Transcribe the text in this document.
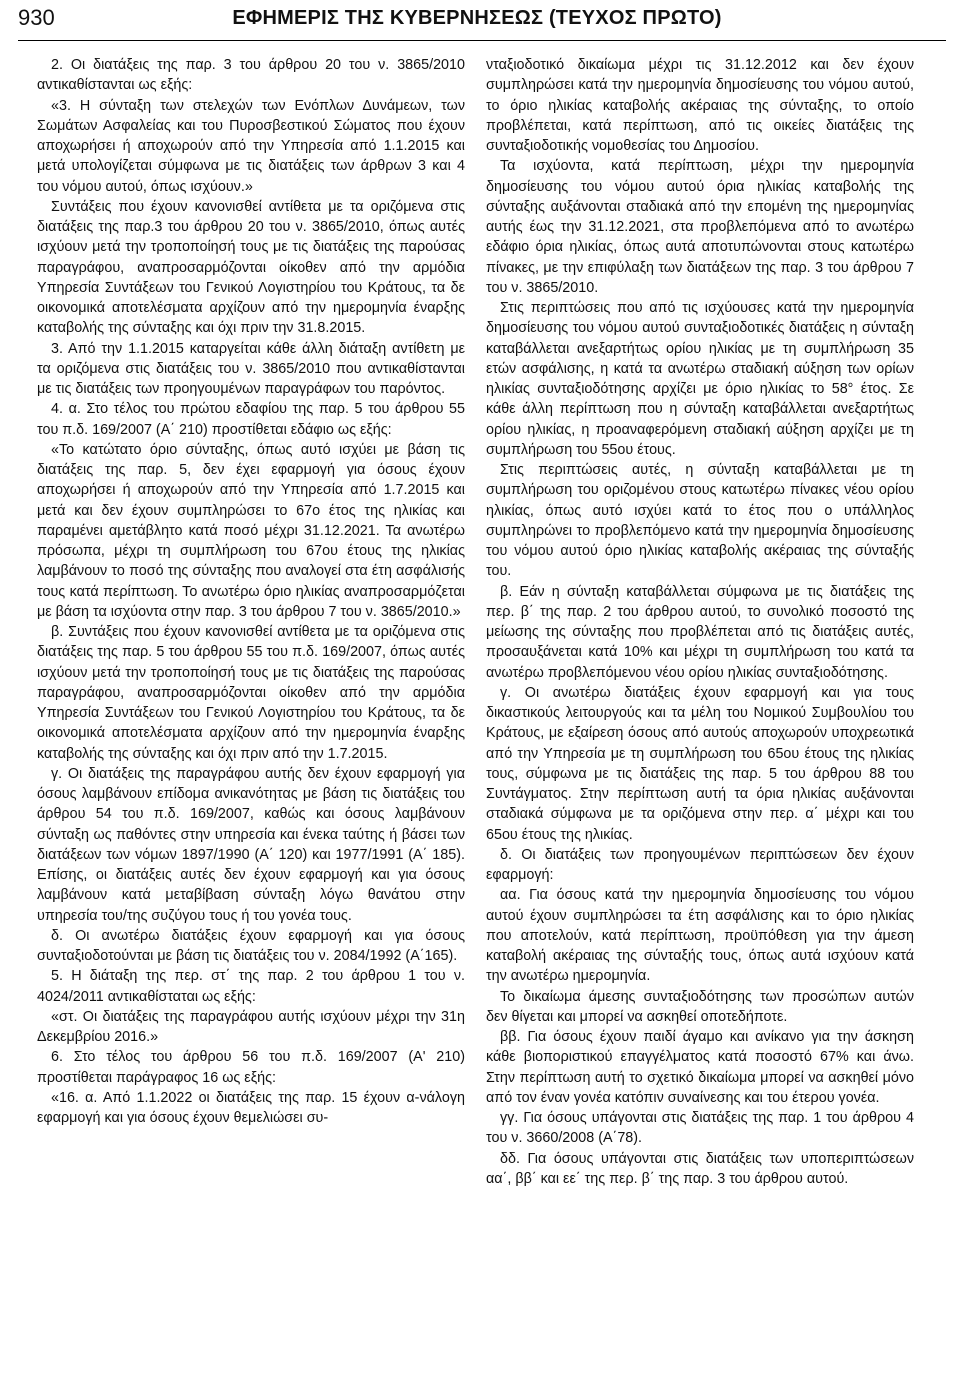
930	ΕΦΗΜΕΡΙΣ ΤΗΣ ΚΥΒΕΡΝΗΣΕΩΣ (ΤΕΥΧΟΣ ΠΡΩΤΟ)

2. Οι διατάξεις της παρ. 3 του άρθρου 20 του ν. 3865/2010 αντικαθίστανται ως εξής:

«3. Η σύνταξη των στελεχών των Ενόπλων Δυνάμεων, των Σωμάτων Ασφαλείας και του Πυροσβεστικού Σώματος που έχουν αποχωρήσει ή αποχωρούν από την Υπηρεσία από 1.1.2015 και μετά υπολογίζεται σύμφωνα με τις διατάξεις των άρθρων 3 και 4 του νόμου αυτού, όπως ισχύουν.»

Συντάξεις που έχουν κανονισθεί αντίθετα με τα οριζόμενα στις διατάξεις της παρ.3 του άρθρου 20 του ν. 3865/2010, όπως αυτές ισχύουν μετά την τροποποίησή τους με τις διατάξεις της παρούσας παραγράφου, αναπροσαρμόζονται οίκοθεν από την αρμόδια Υπηρεσία Συντάξεων του Γενικού Λογιστηρίου του Κράτους, τα δε οικονομικά αποτελέσματα αρχίζουν από την ημερομηνία έναρξης καταβολής της σύνταξης και όχι πριν την 31.8.2015.

3. Από την 1.1.2015 καταργείται κάθε άλλη διάταξη αντίθετη με τα οριζόμενα στις διατάξεις του ν. 3865/2010 που αντικαθίστανται με τις διατάξεις των προηγουμένων παραγράφων του παρόντος.

4. α. Στο τέλος του πρώτου εδαφίου της παρ. 5 του άρθρου 55 του π.δ. 169/2007 (Α΄ 210) προστίθεται εδάφιο ως εξής:

«Το κατώτατο όριο σύνταξης, όπως αυτό ισχύει με βάση τις διατάξεις της παρ. 5, δεν έχει εφαρμογή για όσους έχουν αποχωρήσει ή αποχωρούν από την Υπηρεσία από 1.7.2015 και μετά και δεν έχουν συμπληρώσει το 67ο έτος της ηλικίας και παραμένει αμετάβλητο κατά ποσό μέχρι 31.12.2021. Τα ανωτέρω πρόσωπα, μέχρι τη συμπλήρωση του 67ου έτους της ηλικίας λαμβάνουν το ποσό της σύνταξης που αναλογεί στα έτη ασφάλισής τους κατά περίπτωση. Το ανωτέρω όριο ηλικίας αναπροσαρμόζεται με βάση τα ισχύοντα στην παρ. 3 του άρθρου 7 του ν. 3865/2010.»

β. Συντάξεις που έχουν κανονισθεί αντίθετα με τα οριζόμενα στις διατάξεις της παρ. 5 του άρθρου 55 του π.δ. 169/2007, όπως αυτές ισχύουν μετά την τροποποίησή τους με τις διατάξεις της παρούσας παραγράφου, αναπροσαρμόζονται οίκοθεν από την αρμόδια Υπηρεσία Συντάξεων του Γενικού Λογιστηρίου του Κράτους, τα δε οικονομικά αποτελέσματα αρχίζουν από την ημερομηνία έναρξης καταβολής της σύνταξης και όχι πριν από την 1.7.2015.

γ. Οι διατάξεις της παραγράφου αυτής δεν έχουν εφαρμογή για όσους λαμβάνουν επίδομα ανικανότητας με βάση τις διατάξεις του άρθρου 54 του π.δ. 169/2007, καθώς και όσους λαμβάνουν σύνταξη ως παθόντες στην υπηρεσία και ένεκα ταύτης ή βάσει των διατάξεων των νόμων 1897/1990 (Α΄ 120) και 1977/1991 (Α΄ 185). Επίσης, οι διατάξεις αυτές δεν έχουν εφαρμογή και για όσους λαμβάνουν κατά μεταβίβαση σύνταξη λόγω θανάτου στην υπηρεσία του/της συζύγου τους ή του γονέα τους.

δ. Οι ανωτέρω διατάξεις έχουν εφαρμογή και για όσους συνταξιοδοτούνται με βάση τις διατάξεις του ν. 2084/1992 (Α΄165).

5. Η διάταξη της περ. στ΄ της παρ. 2 του άρθρου 1 του ν. 4024/2011 αντικαθίσταται ως εξής:

«στ. Οι διατάξεις της παραγράφου αυτής ισχύουν μέχρι την 31η Δεκεμβρίου 2016.»

6. Στο τέλος του άρθρου 56 του π.δ. 169/2007 (Α' 210) προστίθεται παράγραφος 16 ως εξής:

«16. α. Από 1.1.2022 οι διατάξεις της παρ. 15 έχουν α-νάλογη εφαρμογή και για όσους έχουν θεμελιώσει συ-

νταξιοδοτικό δικαίωμα μέχρι τις 31.12.2012 και δεν έχουν συμπληρώσει κατά την ημερομηνία δημοσίευσης του νόμου αυτού, το όριο ηλικίας καταβολής ακέραιας της σύνταξης, το οποίο προβλέπεται, κατά περίπτωση, από τις οικείες διατάξεις της συνταξιοδοτικής νομοθεσίας του Δημοσίου.

Τα ισχύοντα, κατά περίπτωση, μέχρι την ημερομηνία δημοσίευσης του νόμου αυτού όρια ηλικίας καταβολής της σύνταξης αυξάνονται σταδιακά από την επομένη της ημερομηνίας αυτής έως την 31.12.2021, στα προβλεπόμενα από το ανωτέρω εδάφιο όρια ηλικίας, όπως αυτά αποτυπώνονται στους κατωτέρω πίνακες, με την επιφύλαξη των διατάξεων της παρ. 3 του άρθρου 7 του ν. 3865/2010.

Στις περιπτώσεις που από τις ισχύουσες κατά την ημερομηνία δημοσίευσης του νόμου αυτού συνταξιοδοτικές διατάξεις η σύνταξη καταβάλλεται ανεξαρτήτως ορίου ηλικίας με τη συμπλήρωση 35 ετών ασφάλισης, η κατά τα ανωτέρω σταδιακή αύξηση των ορίων ηλικίας συνταξιοδότησης αρχίζει με όριο ηλικίας το 58° έτος. Σε κάθε άλλη περίπτωση που η σύνταξη καταβάλλεται ανεξαρτήτως ορίου ηλικίας, η προαναφερόμενη σταδιακή αύξηση αρχίζει με τη συμπλήρωση του 55ου έτους.

Στις περιπτώσεις αυτές, η σύνταξη καταβάλλεται με τη συμπλήρωση του οριζομένου στους κατωτέρω πίνακες νέου ορίου ηλικίας, όπως αυτό ισχύει κατά το έτος που ο υπάλληλος συμπληρώνει το προβλεπόμενο κατά την ημερομηνία δημοσίευσης του νόμου αυτού όριο ηλικίας καταβολής ακέραιας της σύνταξής του.

β. Εάν η σύνταξη καταβάλλεται σύμφωνα με τις διατάξεις της περ. β΄ της παρ. 2 του άρθρου αυτού, το συνολικό ποσοστό της μείωσης της σύνταξης που προβλέπεται από τις διατάξεις αυτές, προσαυξάνεται κατά 10% και μέχρι τη συμπλήρωση του κατά τα ανωτέρω προβλεπόμενου νέου ορίου ηλικίας συνταξιοδότησης.

γ. Οι ανωτέρω διατάξεις έχουν εφαρμογή και για τους δικαστικούς λειτουργούς και τα μέλη του Νομικού Συμβουλίου του Κράτους, με εξαίρεση όσους από αυτούς αποχωρούν υποχρεωτικά από την Υπηρεσία με τη συμπλήρωση του 65ου έτους της ηλικίας τους, σύμφωνα με τις διατάξεις της παρ. 5 του άρθρου 88 του Συντάγματος. Στην περίπτωση αυτή τα όρια ηλικίας αυξάνονται σταδιακά σύμφωνα με τα οριζόμενα στην περ. α΄ μέχρι και του 65ου έτους της ηλικίας.

δ. Οι διατάξεις των προηγουμένων περιπτώσεων δεν έχουν εφαρμογή:

αα. Για όσους κατά την ημερομηνία δημοσίευσης του νόμου αυτού έχουν συμπληρώσει τα έτη ασφάλισης και το όριο ηλικίας που αποτελούν, κατά περίπτωση, προϋπόθεση για την άμεση καταβολή ακέραιας της σύνταξής τους, όπως αυτά ισχύουν κατά την ανωτέρω ημερομηνία.

Το δικαίωμα άμεσης συνταξιοδότησης των προσώπων αυτών δεν θίγεται και μπορεί να ασκηθεί οποτεδήποτε.

ββ. Για όσους έχουν παιδί άγαμο και ανίκανο για την άσκηση κάθε βιοποριστικού επαγγέλματος κατά ποσοστό 67% και άνω. Στην περίπτωση αυτή το σχετικό δικαίωμα μπορεί να ασκηθεί μόνο από τον έναν γονέα κατόπιν συναίνεσης και του έτερου γονέα.

γγ. Για όσους υπάγονται στις διατάξεις της παρ. 1 του άρθρου 4 του ν. 3660/2008 (Α΄78).

δδ. Για όσους υπάγονται στις διατάξεις των υποπεριπτώσεων αα΄, ββ΄ και εε΄ της περ. β΄ της παρ. 3 του άρθρου αυτού.
